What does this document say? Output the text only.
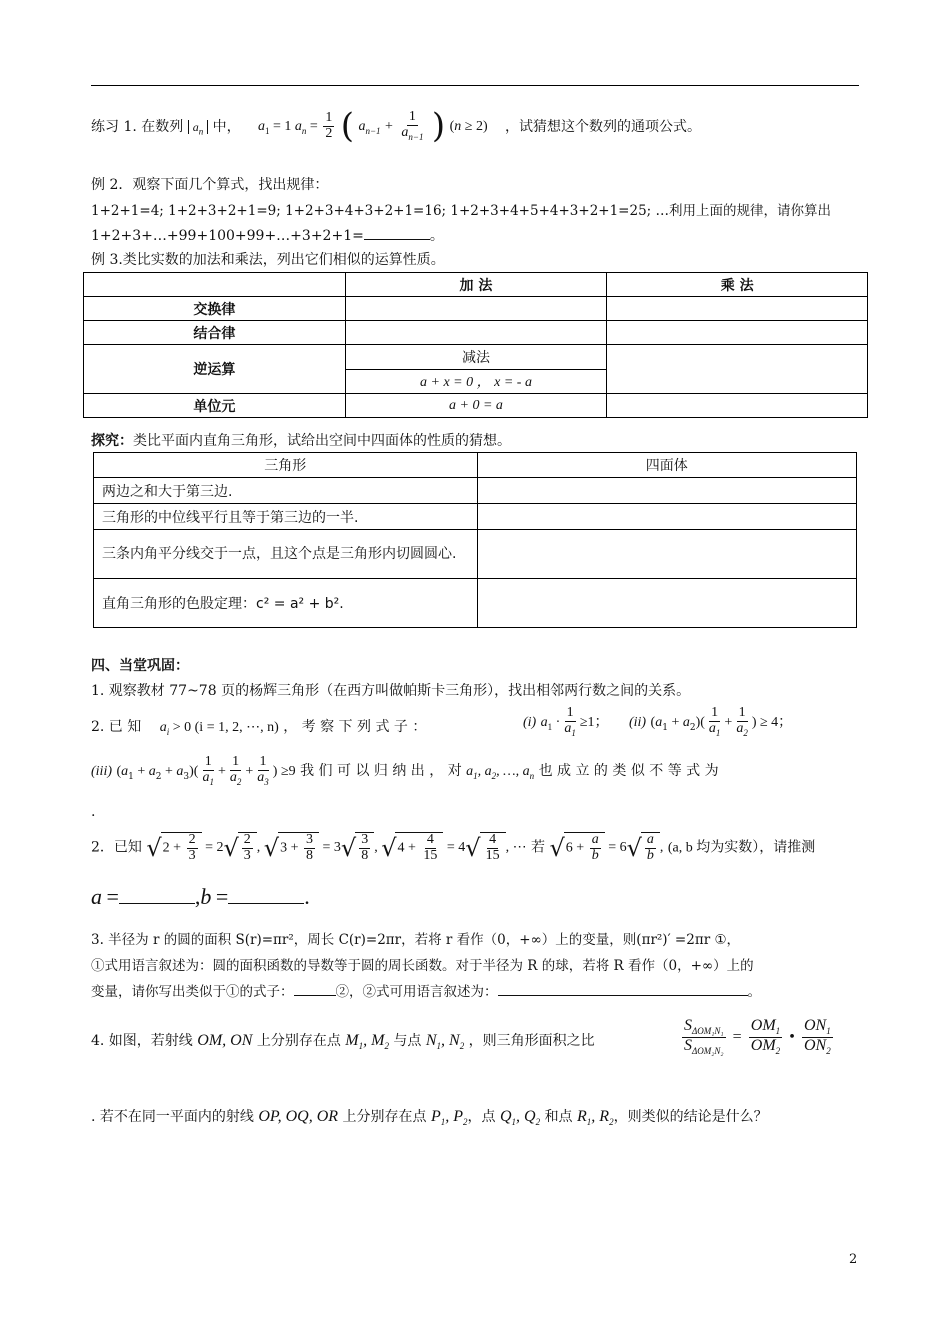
练习 1. 在数列 $a_n$ 中， $a_1 = 1$ $a_n = \frac{1}{2}$ ( $a_{n-1} + \frac{1}{a_{n-1}}$ ) (n ≥ 2) ，试猜想这个数列的通项公式。
例 2．观察下面几个算式，找出规律：
1+2+1=4; 1+2+3+2+1=9; 1+2+3+4+3+2+1=16; 1+2+3+4+5+4+3+2+1=25; …利用上面的规律，请你算出
1+2+3+…+99+100+99+…+3+2+1=	。
例 3.类比实数的加法和乘法，列出它们相似的运算性质。
	加 法	乘 法
交换律		
结合律		
逆运算	减法	
	a + x = 0 ， x = - a	
单位元	a + 0 = a	
探究：类比平面内直角三角形，试给出空间中四面体的性质的猜想。
三角形	四面体
两边之和大于第三边.	
三角形的中位线平行且等于第三边的一半.	
三条内角平分线交于一点，且这个点是三角形内切圆圆心.	
直角三角形的色股定理：c² = a² + b².	
四、当堂巩固：
1. 观察教材 77~78 页的杨辉三角形（在西方叫做帕斯卡三角形），找出相邻两行数之间的关系。
2. 已 知 $a_i > 0$ (i = 1, 2, ⋯, n) ， 考 察 下 列 式 子 ：	(i) $a_1 \cdot \frac{1}{a_1} \ge 1$； (ii) $(a_1 + a_2)( \frac{1}{a_1} + \frac{1}{a_2}$ ) ≥ 4；
(iii) $(a_1 + a_2 + a_3)( \frac{1}{a_1} + \frac{1}{a_2} + \frac{1}{a_3}$ ) ≥9 我 们 可 以 归 纳 出 ， 对 $a_1$, $a_2$, …, $a_n$ 也 成 立 的 类 似 不 等 式 为
.
2．已知 $√2 + \frac{2}{3} = 2√ \frac{2}{3}$ , $√3 + \frac{3}{8} = 3√ \frac{3}{8}$ , $√4 + \frac{4}{15} = 4√ \frac{4}{15}$ , ⋯ 若 $√6 + \frac{a}{b} = 6√ \frac{a}{b}$ , (a, b 均为实数），请推测
a =	,b =	.
3. 半径为 r 的圆的面积 S(r)=πr²，周长 C(r)=2πr，若将 r 看作（0，+∞）上的变量，则(πr²)′ =2πr ①，
①式用语言叙述为：圆的面积函数的导数等于圆的周长函数。对于半径为 R 的球，若将 R 看作（0，+∞）上的
变量，请你写出类似于①的式子：	②，②式可用语言叙述为：	。
4. 如图，若射线 OM, ON 上分别存在点 $M_1$, $M_2$ 与点 $N_1$, $N_2$ ，则三角形面积之比	$\frac{S_{\Delta OM_1N_1}}{S_{\Delta OM_2N_2}} = \frac{OM_1}{OM_2}$ • $\frac{ON_1}{ON_2}$
. 若不在同一平面内的射线 OP, OQ, OR 上分别存在点 $P_1$, $P_2$，点 $Q_1$, $Q_2$ 和点 $R_1$, $R_2$，则类似的结论是什么？
2
